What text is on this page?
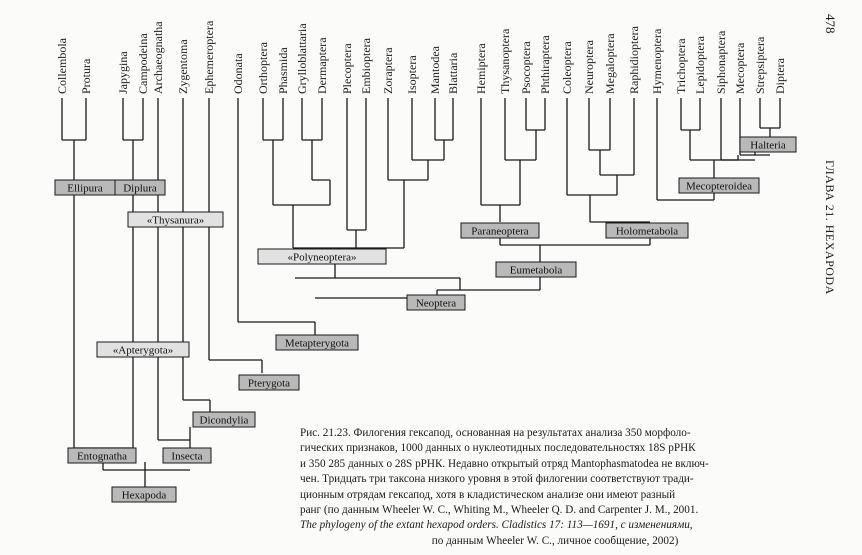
Collembola Protura Japygina Campodeina Archaeognatha Zygentoma Ephemeroptera Odonata Orthoptera Phasmida Grylloblattaria Dermaptera Plecoptera Embioptera Zoraptera Isoptera Mantodea Blattaria Hemiptera Thysanoptera Psocoptera Phthiraptera Coleoptera Neuroptera Megaloptera Raphidioptera Hymenoptera Trichoptera Lepidoptera Siphonaptera Mecoptera Strepsiptera Diptera
Ellipura Diplura
«Thysanura»
«Apterygota»
Entognatha	Insecta
Hexapoda
Dicondylia
Pterygota
Metapterygota
Neoptera
«Polyneoptera»
Eumetabola
Paraneoptera	Holometabola
Mecopteroidea
Halteria

Рис. 21.23. Филогения гексапод, основанная на результатах анализа 350 морфоло-

гических признаков, 1000 данных о нуклеотидных последовательностях 18S рРНК

и 350 285 данных о 28S рРНК. Недавно открытый отряд Mantophasmatodea не включ-

чен. Тридцать три таксона низкого уровня в этой филогении соответствуют тради-

ционным отрядам гексапод, хотя в кладистическом анализе они имеют разный

ранг (по данным Wheeler W. C., Whiting M., Wheeler Q. D. and Carpenter J. M., 2001.

The phylogeny of the extant hexapod orders. Cladistics 17: 113—1691, с изменениями,

по данным Wheeler W. C., личное сообщение, 2002)

478
ГЛАВА 21. HEXAPODA
